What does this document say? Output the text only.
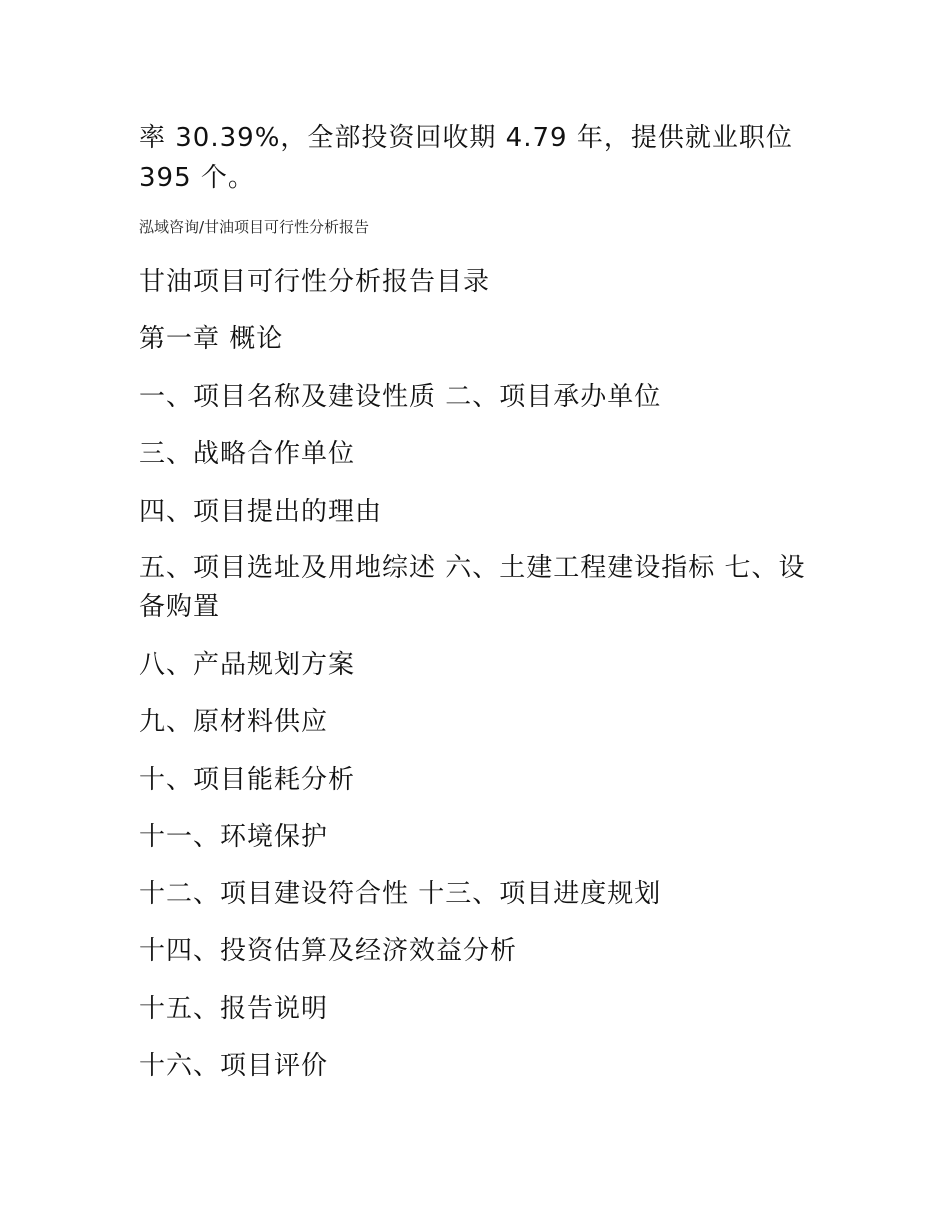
率 30.39%，全部投资回收期 4.79 年，提供就业职位
395 个。
泓域咨询/甘油项目可行性分析报告
甘油项目可行性分析报告目录
第一章 概论
一、项目名称及建设性质 二、项目承办单位
三、战略合作单位
四、项目提出的理由
五、项目选址及用地综述 六、土建工程建设指标 七、设备购置
八、产品规划方案
九、原材料供应
十、项目能耗分析
十一、环境保护
十二、项目建设符合性 十三、项目进度规划
十四、投资估算及经济效益分析
十五、报告说明
十六、项目评价
